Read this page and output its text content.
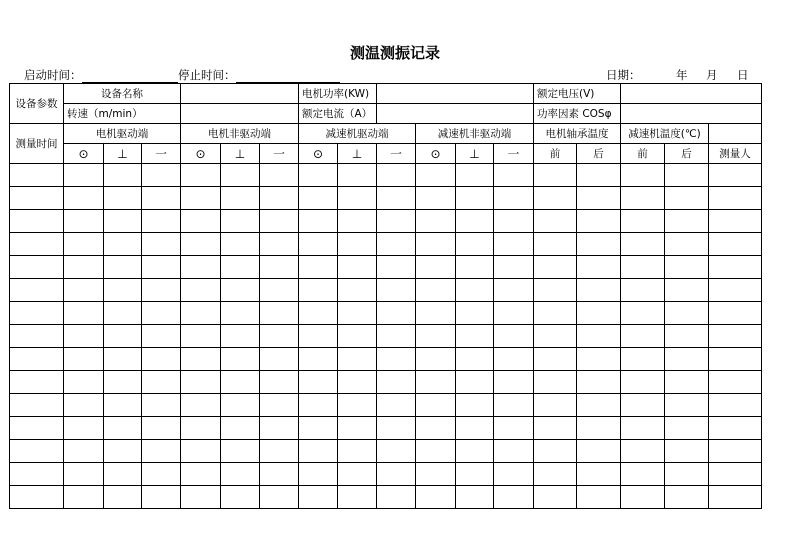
测温测振记录
启动时间：	停止时间：	日期：	年 月 日
设备参数	设备名称						电机功率(KW)						额定电压(V)				
	转速（m/min）						额定电流（A）						功率因素 COSφ				
测量时间	电机驱动端			电机非驱动端			减速机驱动端			减速机非驱动端			电机轴承温度		减速机温度(℃)		
	⊙	⊥	一	⊙	⊥	一	⊙	⊥	一	⊙	⊥	一	前	后	前	后	测量人
